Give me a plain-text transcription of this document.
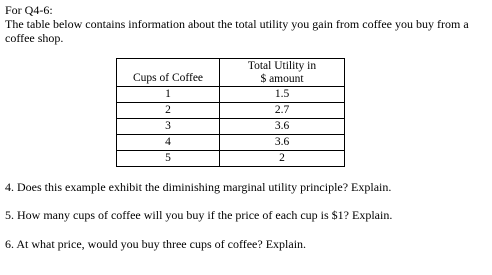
For Q4-6:
The table below contains information about the total utility you gain from coffee you buy from a coffee shop.
Cups of Coffee	Total Utility in
$ amount

1	1.5
2	2.7
3	3.6
4	3.6
5	2
4. Does this example exhibit the diminishing marginal utility principle? Explain.
5. How many cups of coffee will you buy if the price of each cup is $1? Explain.
6. At what price, would you buy three cups of coffee? Explain.
